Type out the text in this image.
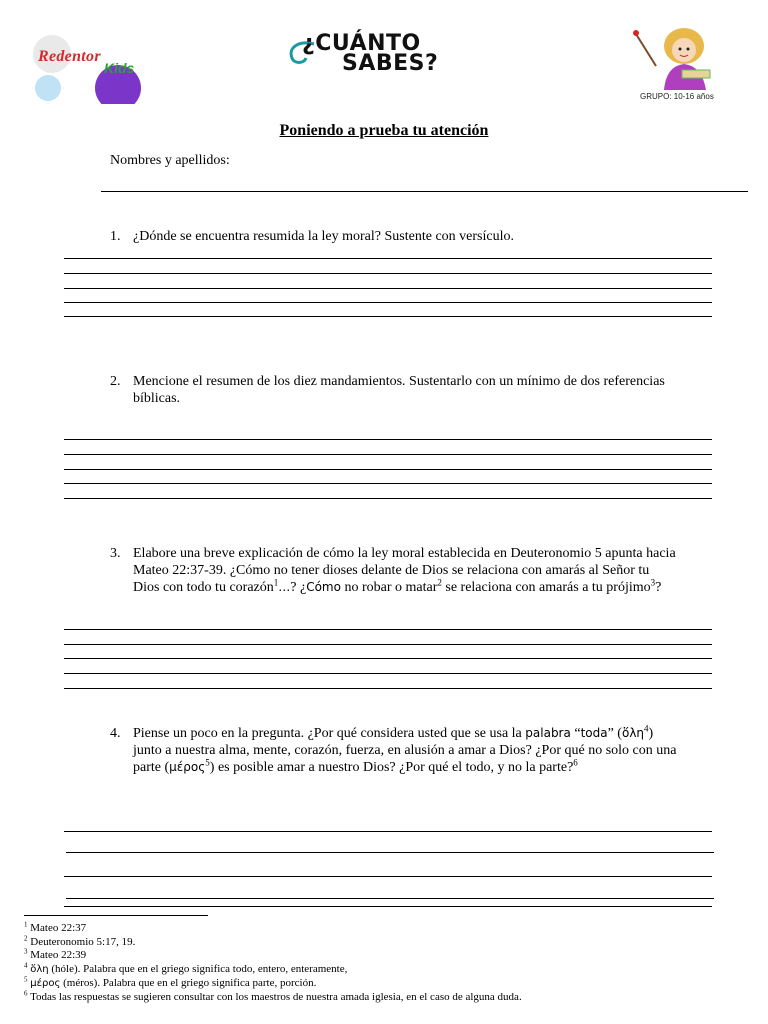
Redentor
Kids
¿CUÁNTO
SABES?
GRUPO: 10-16 años
Poniendo a prueba tu atención
Nombres y apellidos:
1. ¿Dónde se encuentra resumida la ley moral? Sustente con versículo.
2. Mencione el resumen de los diez mandamientos. Sustentarlo con un mínimo de dos referencias
bíblicas.
3. Elabore una breve explicación de cómo la ley moral establecida en Deuteronomio 5 apunta hacia
Mateo 22:37-39. ¿Cómo no tener dioses delante de Dios se relaciona con amarás al Señor tu
Dios con todo tu corazón$^1$…? ¿Cómo no robar o matar$^2$ se relaciona con amarás a tu prójimo$^3$?
4. Piense un poco en la pregunta. ¿Por qué considera usted que se usa la palabra “toda” (ὅλη$^4$)
junto a nuestra alma, mente, corazón, fuerza, en alusión a amar a Dios? ¿Por qué no solo con una
parte (μέρος$^5$) es posible amar a nuestro Dios? ¿Por qué el todo, y no la parte?$^6$
$^1$ Mateo 22:37
$^2$ Deuteronomio 5:17, 19.
$^3$ Mateo 22:39
$^4$ ὅλη (hóle). Palabra que en el griego significa todo, entero, enteramente,
$^5$ μέρος (méros). Palabra que en el griego significa parte, porción.
$^6$ Todas las respuestas se sugieren consultar con los maestros de nuestra amada iglesia, en el caso de alguna duda.
